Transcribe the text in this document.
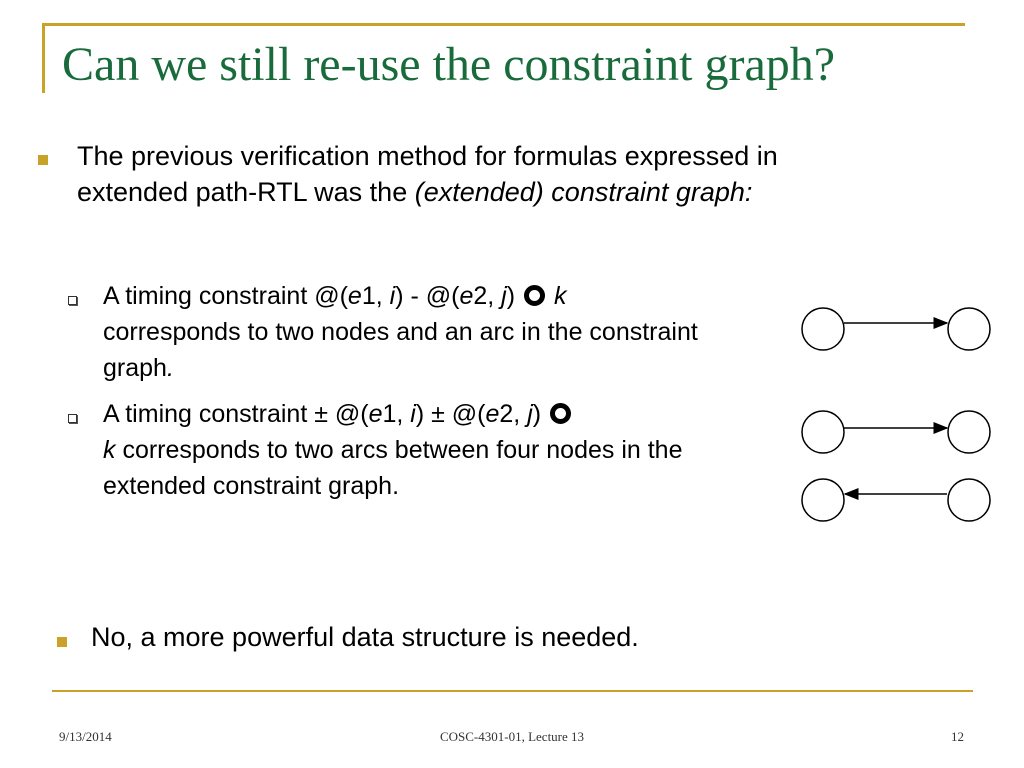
Can we still re-use the constraint graph?
The previous verification method for formulas expressed in
extended path-RTL was the (extended) constraint graph:
A timing constraint @(e1, i) - @(e2, j)  k
corresponds to two nodes and an arc in the constraint graph.
A timing constraint ± @(e1, i) ± @(e2, j)
k corresponds to two arcs between four nodes in the extended constraint graph.
No, a more powerful data structure is needed.
9/13/2014	COSC-4301-01, Lecture 13	12
